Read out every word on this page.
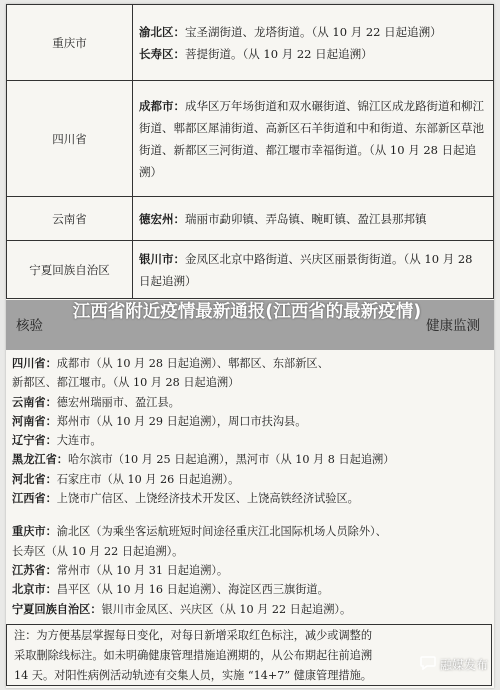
重庆市	渝北区：宝圣湖街道、龙塔街道。（从 10 月 22 日起追溯）
长寿区：菩提街道。（从 10 月 22 日起追溯）

四川省	成都市：成华区万年场街道和双水碾街道、锦江区成龙路街道和柳江街道、郫都区犀浦街道、高新区石羊街道和中和街道、东部新区草池街道、新都区三河街道、都江堰市幸福街道。（从 10 月 28 日起追溯）

云南省	德宏州：瑞丽市勐卯镇、弄岛镇、畹町镇、盈江县那邦镇

宁夏回族自治区	银川市：金凤区北京中路街道、兴庆区丽景街街道。（从 10 月 28 日起追溯）
核验
江西省附近疫情最新通报(江西省的最新疫情)
健康监测
四川省：成都市（从 10 月 28 日起追溯）、郫都区、东部新区、
新都区、都江堰市。（从 10 月 28 日起追溯）
云南省：德宏州瑞丽市、盈江县。
河南省：郑州市（从 10 月 29 日起追溯），周口市扶沟县。
辽宁省：大连市。
黑龙江省：哈尔滨市（10 月 25 日起追溯），黑河市（从 10 月 8 日起追溯）
河北省：石家庄市（从 10 月 26 日起追溯）。
江西省：上饶市广信区、上饶经济技术开发区、上饶高铁经济试验区。
重庆市：渝北区（为乘坐客运航班短时间途径重庆江北国际机场人员除外）、
长寿区（从 10 月 22 日起追溯）。
江苏省：常州市（从 10 月 31 日起追溯）。
北京市：昌平区（从 10 月 16 日起追溯）、海淀区西三旗街道。
宁夏回族自治区：银川市金凤区、兴庆区（从 10 月 22 日起追溯）。
注：为方便基层掌握每日变化，对每日新增采取红色标注，减少或调整的
采取删除线标注。如未明确健康管理措施追溯期的，从公布期起往前追溯
14 天。对阳性病例活动轨迹有交集人员，实施 “14+7” 健康管理措施。
融媒发布
